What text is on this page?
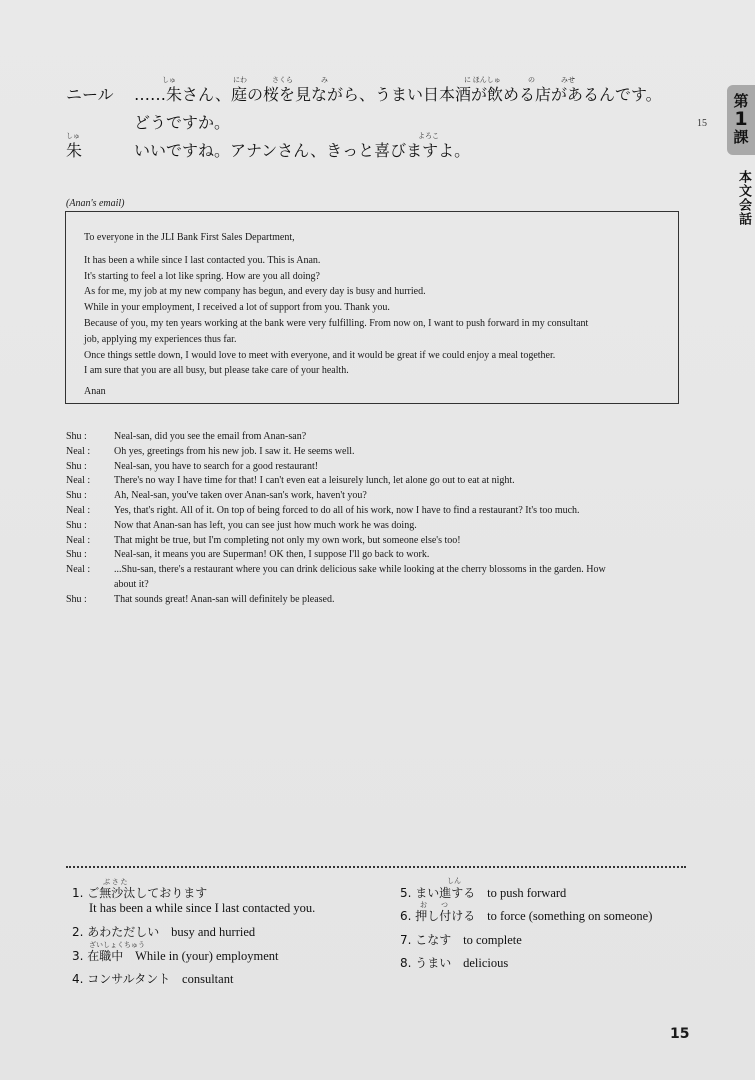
第
1
課
本文会話
15
しゅ	にわ	さくら	み	に ほんしゅ	の	みせ
ニール ……朱さん、庭の桜を見ながら、うまい日本酒が飲める店があるんです。
どうですか。
しゅ	よろこ
朱	いいですね。アナンさん、きっと喜びますよ。
(Anan's email)
To everyone in the JLI Bank First Sales Department,
It has been a while since I last contacted you. This is Anan.
It's starting to feel a lot like spring. How are you all doing?
As for me, my job at my new company has begun, and every day is busy and hurried.
While in your employment, I received a lot of support from you. Thank you.
Because of you, my ten years working at the bank were very fulfilling. From now on, I want to push forward in my consultant
job, applying my experiences thus far.
Once things settle down, I would love to meet with everyone, and it would be great if we could enjoy a meal together.
I am sure that you are all busy, but please take care of your health.
Anan
Shu :	Neal-san, did you see the email from Anan-san?
Neal :	Oh yes, greetings from his new job. I saw it. He seems well.
Shu :	Neal-san, you have to search for a good restaurant!
Neal :	There's no way I have time for that! I can't even eat a leisurely lunch, let alone go out to eat at night.
Shu :	Ah, Neal-san, you've taken over Anan-san's work, haven't you?
Neal :	Yes, that's right. All of it. On top of being forced to do all of his work, now I have to find a restaurant? It's too much.
Shu :	Now that Anan-san has left, you can see just how much work he was doing.
Neal :	That might be true, but I'm completing not only my own work, but someone else's too!
Shu :	Neal-san, it means you are Superman! OK then, I suppose I'll go back to work.
Neal :	...Shu-san, there's a restaurant where you can drink delicious sake while looking at the cherry blossoms in the garden. How
about it?
Shu :	That sounds great! Anan-san will definitely be pleased.
ぶ さ た
1. ご無沙汰しております
It has been a while since I last contacted you.
2. あわただしい busy and hurried
ざいしょくちゅう
3. 在職中 While in (your) employment
4. コンサルタント consultant
しん
5. まい進する to push forward
お　　つ
6. 押し付ける to force (something on someone)
7. こなす to complete
8. うまい delicious
15
